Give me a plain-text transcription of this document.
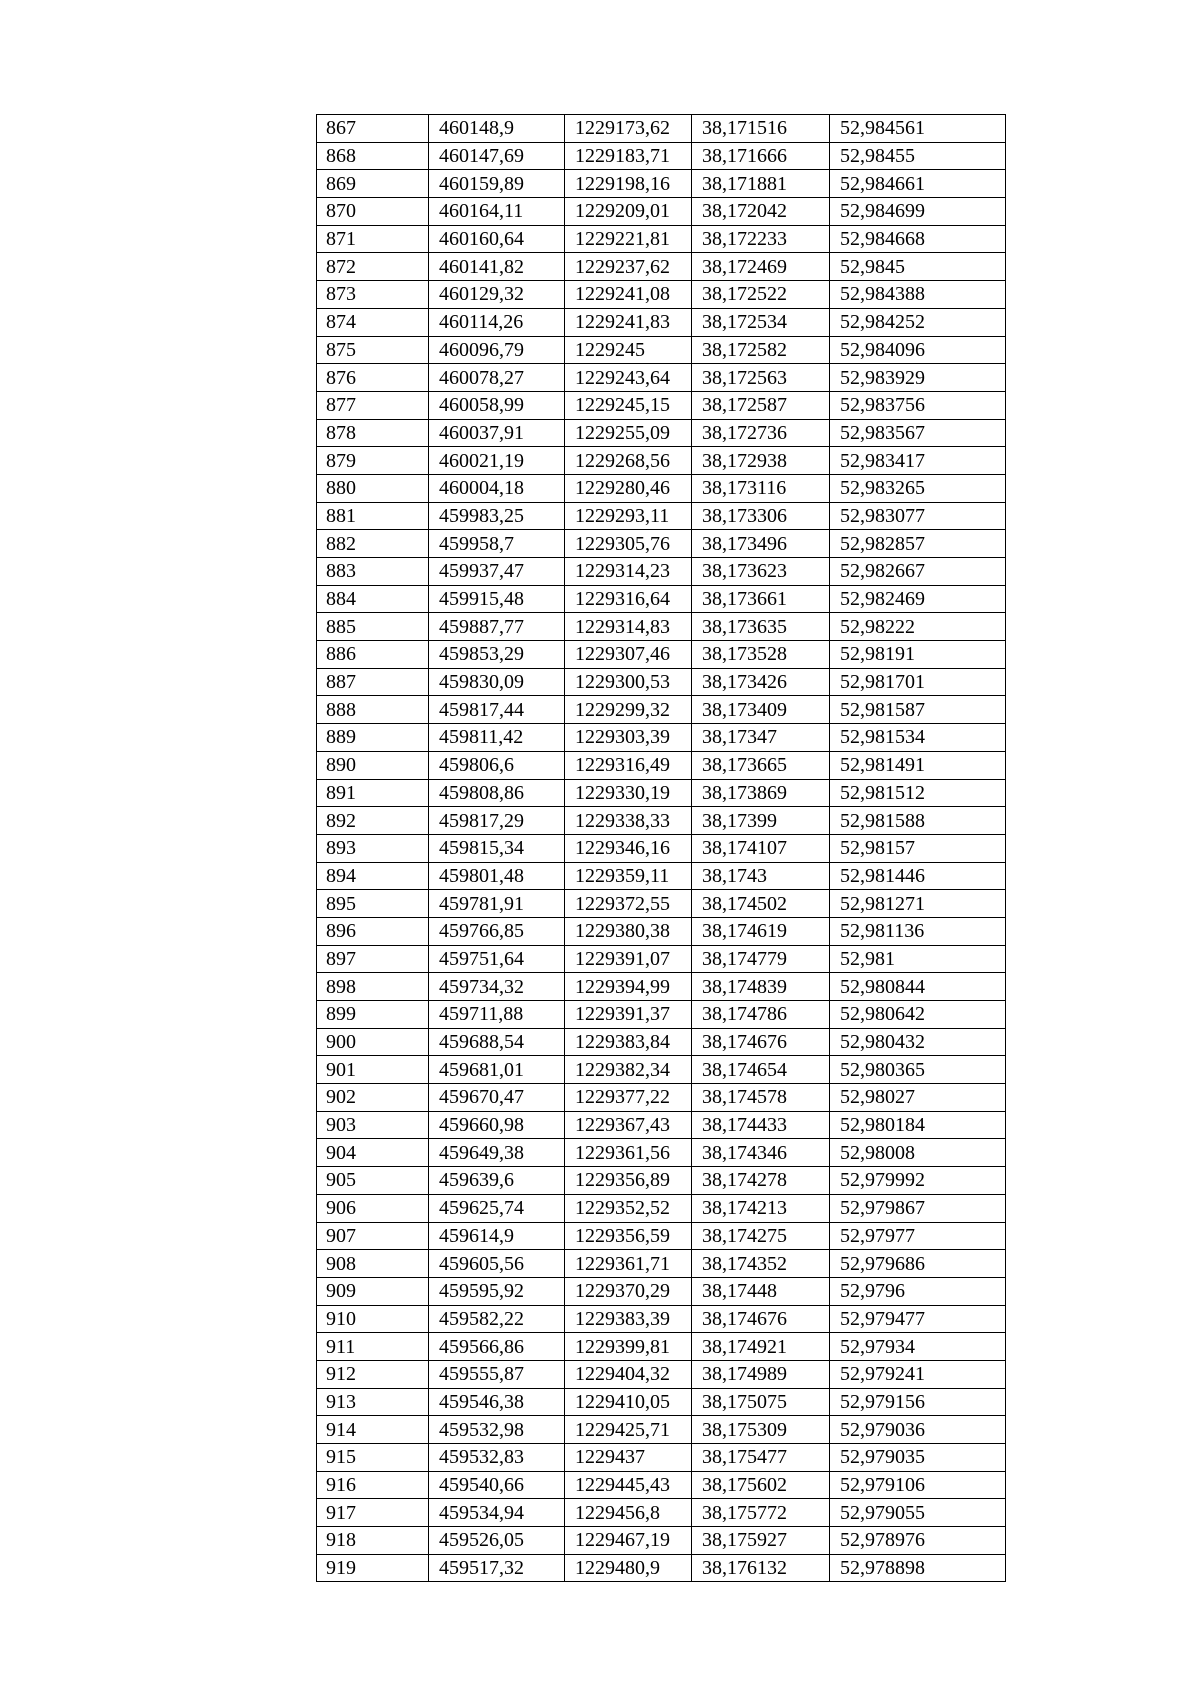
867	460148,9	1229173,62	38,171516	52,984561
868	460147,69	1229183,71	38,171666	52,98455
869	460159,89	1229198,16	38,171881	52,984661
870	460164,11	1229209,01	38,172042	52,984699
871	460160,64	1229221,81	38,172233	52,984668
872	460141,82	1229237,62	38,172469	52,9845
873	460129,32	1229241,08	38,172522	52,984388
874	460114,26	1229241,83	38,172534	52,984252
875	460096,79	1229245	38,172582	52,984096
876	460078,27	1229243,64	38,172563	52,983929
877	460058,99	1229245,15	38,172587	52,983756
878	460037,91	1229255,09	38,172736	52,983567
879	460021,19	1229268,56	38,172938	52,983417
880	460004,18	1229280,46	38,173116	52,983265
881	459983,25	1229293,11	38,173306	52,983077
882	459958,7	1229305,76	38,173496	52,982857
883	459937,47	1229314,23	38,173623	52,982667
884	459915,48	1229316,64	38,173661	52,982469
885	459887,77	1229314,83	38,173635	52,98222
886	459853,29	1229307,46	38,173528	52,98191
887	459830,09	1229300,53	38,173426	52,981701
888	459817,44	1229299,32	38,173409	52,981587
889	459811,42	1229303,39	38,17347	52,981534
890	459806,6	1229316,49	38,173665	52,981491
891	459808,86	1229330,19	38,173869	52,981512
892	459817,29	1229338,33	38,17399	52,981588
893	459815,34	1229346,16	38,174107	52,98157
894	459801,48	1229359,11	38,1743	52,981446
895	459781,91	1229372,55	38,174502	52,981271
896	459766,85	1229380,38	38,174619	52,981136
897	459751,64	1229391,07	38,174779	52,981
898	459734,32	1229394,99	38,174839	52,980844
899	459711,88	1229391,37	38,174786	52,980642
900	459688,54	1229383,84	38,174676	52,980432
901	459681,01	1229382,34	38,174654	52,980365
902	459670,47	1229377,22	38,174578	52,98027
903	459660,98	1229367,43	38,174433	52,980184
904	459649,38	1229361,56	38,174346	52,98008
905	459639,6	1229356,89	38,174278	52,979992
906	459625,74	1229352,52	38,174213	52,979867
907	459614,9	1229356,59	38,174275	52,97977
908	459605,56	1229361,71	38,174352	52,979686
909	459595,92	1229370,29	38,17448	52,9796
910	459582,22	1229383,39	38,174676	52,979477
911	459566,86	1229399,81	38,174921	52,97934
912	459555,87	1229404,32	38,174989	52,979241
913	459546,38	1229410,05	38,175075	52,979156
914	459532,98	1229425,71	38,175309	52,979036
915	459532,83	1229437	38,175477	52,979035
916	459540,66	1229445,43	38,175602	52,979106
917	459534,94	1229456,8	38,175772	52,979055
918	459526,05	1229467,19	38,175927	52,978976
919	459517,32	1229480,9	38,176132	52,978898
